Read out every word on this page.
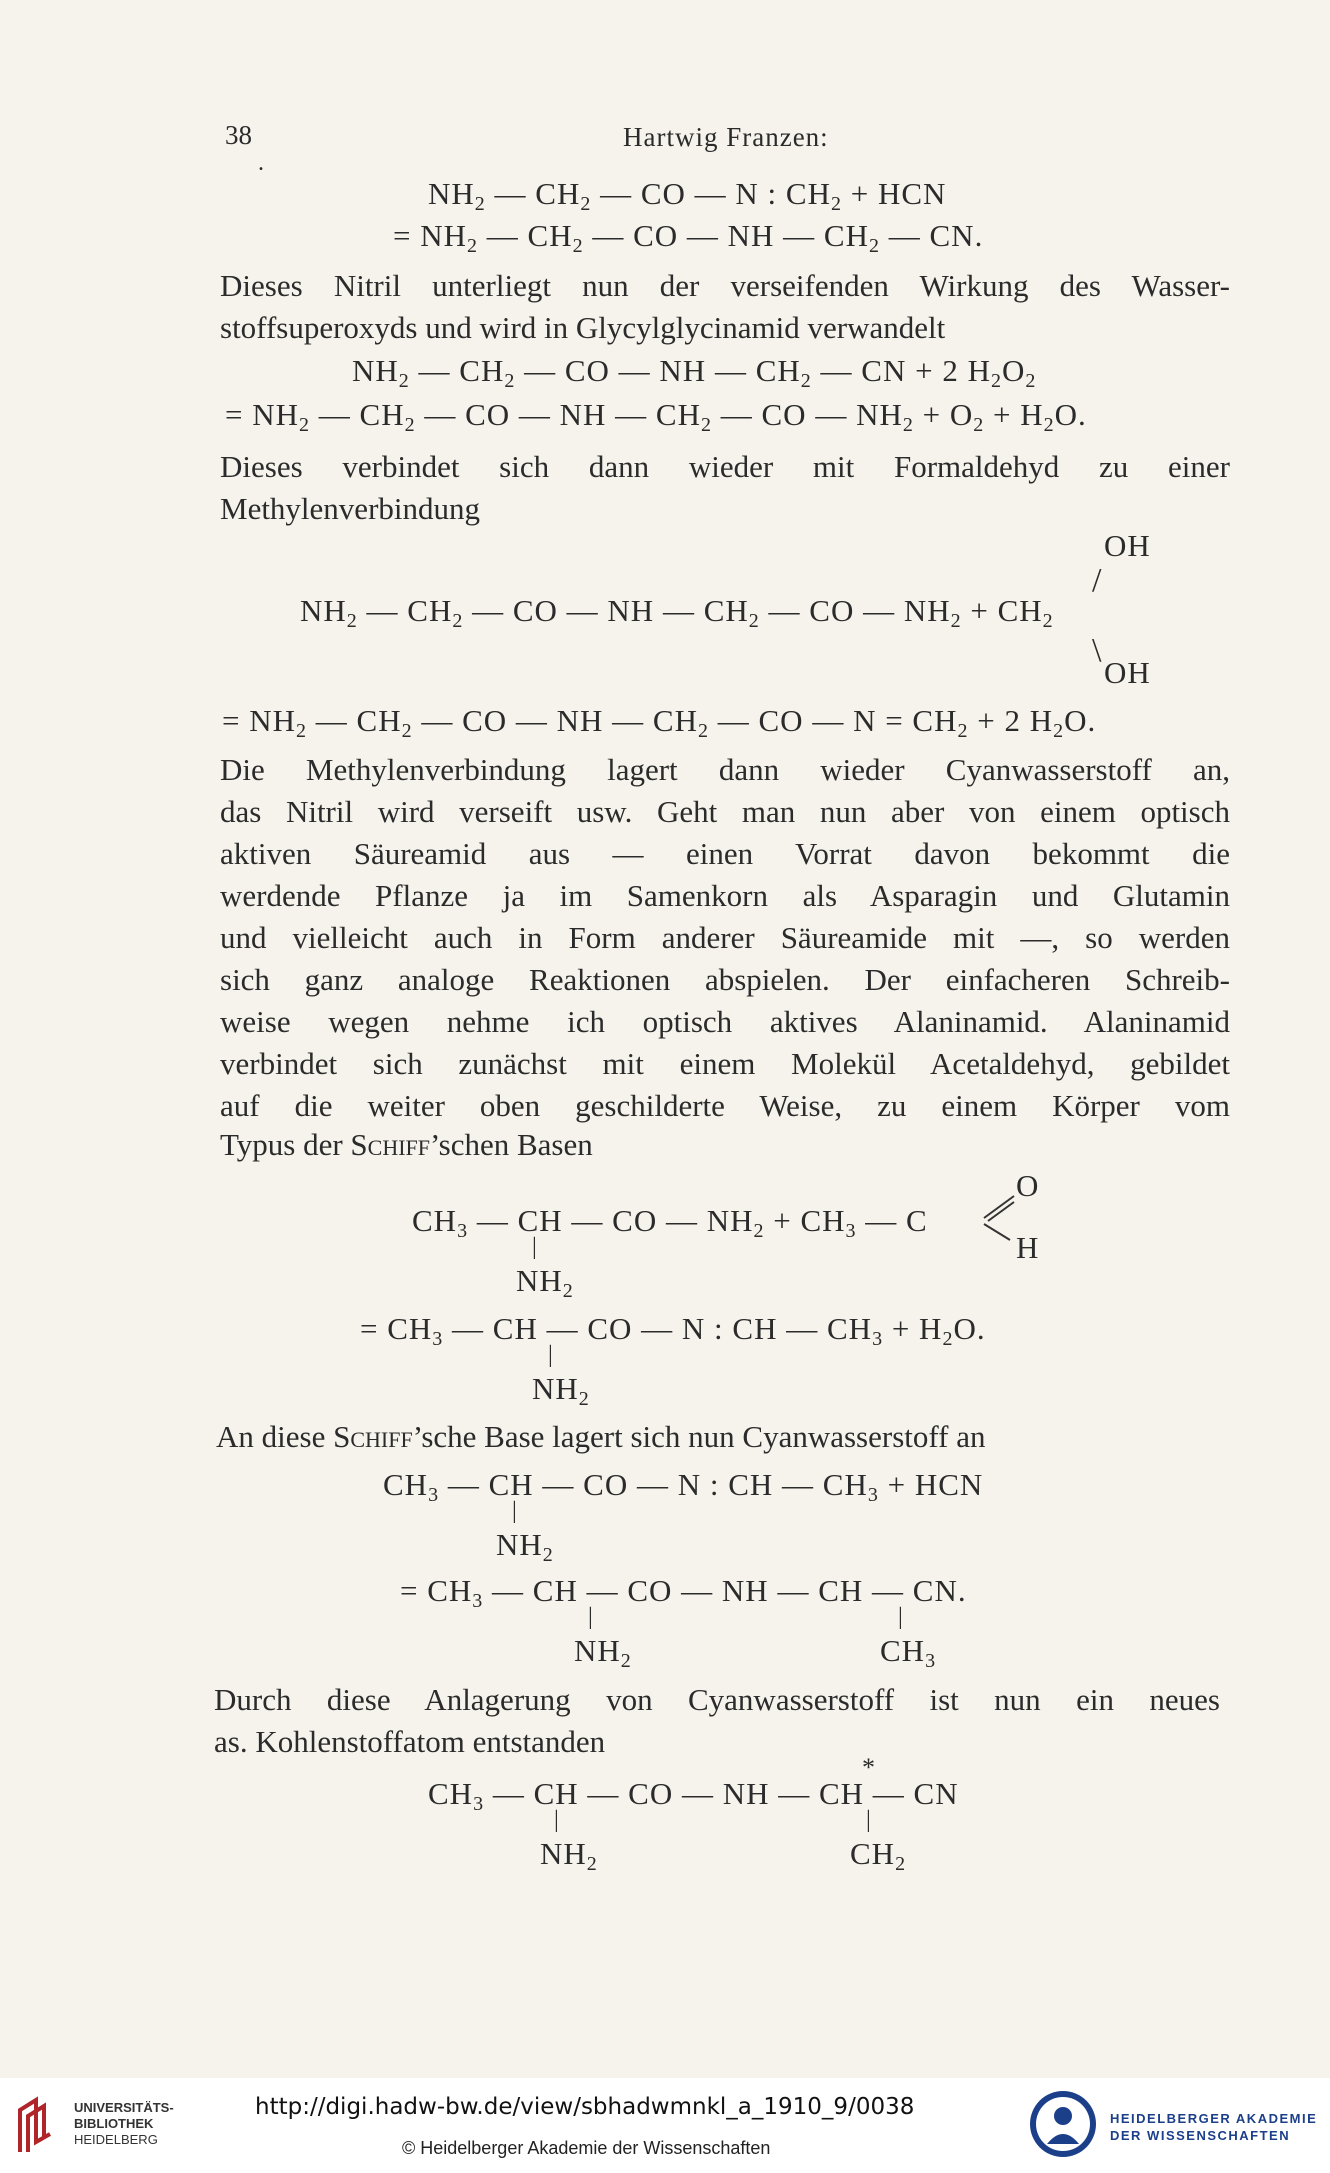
38	Hartwig Franzen:
.
$NH_2$ — $CH_2$ — CO — N : $CH_2$ + HCN
= $NH_2$ — $CH_2$ — CO — NH — $CH_2$ — CN.
Dieses Nitril unterliegt nun der verseifenden Wirkung des Wasser-
stoffsuperoxyds und wird in Glycylglycinamid verwandelt
$NH_2$ — $CH_2$ — CO — NH — $CH_2$ — CN + 2 $H_2O_2$
= $NH_2$ — $CH_2$ — CO — NH — $CH_2$ — CO — $NH_2 + O_2 + H_2O$.
Dieses verbindet sich dann wieder mit Formaldehyd zu einer
Methylenverbindung
OH
/
$NH_2$ — $CH_2$ — CO — NH — $CH_2$ — CO — $NH_2 + CH_2$
\
OH
= $NH_2$ — $CH_2$ — CO — NH — $CH_2$ — CO — $N = CH_2 + 2$ $H_2O$.
Die Methylenverbindung lagert dann wieder Cyanwasserstoff an,
das Nitril wird verseift usw. Geht man nun aber von einem optisch
aktiven Säureamid aus — einen Vorrat davon bekommt die
werdende Pflanze ja im Samenkorn als Asparagin und Glutamin
und vielleicht auch in Form anderer Säureamide mit —, so werden
sich ganz analoge Reaktionen abspielen. Der einfacheren Schreib-
weise wegen nehme ich optisch aktives Alaninamid. Alaninamid
verbindet sich zunächst mit einem Molekül Acetaldehyd, gebildet
auf die weiter oben geschilderte Weise, zu einem Körper vom
Typus der Schiff’schen Basen
O
$CH_3$ — CH — CO — $NH_2 + CH_3$ — C
H
|
$NH_2$
= $CH_3$ — CH — CO — N : CH — $CH_3 + H_2O$.
|
$NH_2$
An diese Schiff’sche Base lagert sich nun Cyanwasserstoff an
$CH_3$ — CH — CO — N : CH — $CH_3$ + HCN
|
$NH_2$
= $CH_3$ — CH — CO — NH — CH — CN.
|	|
$NH_2$	$CH_3$
Durch diese Anlagerung von Cyanwasserstoff ist nun ein neues
as. Kohlenstoffatom entstanden
*
$CH_3$ — CH — CO — NH — CH — CN
|	|
$NH_2$	$CH_2$
UNIVERSITÄTS-
BIBLIOTHEK
HEIDELBERG
http://digi.hadw-bw.de/view/sbhadwmnkl_a_1910_9/0038
© Heidelberger Akademie der Wissenschaften
HEIDELBERGER AKADEMIE
DER WISSENSCHAFTEN
